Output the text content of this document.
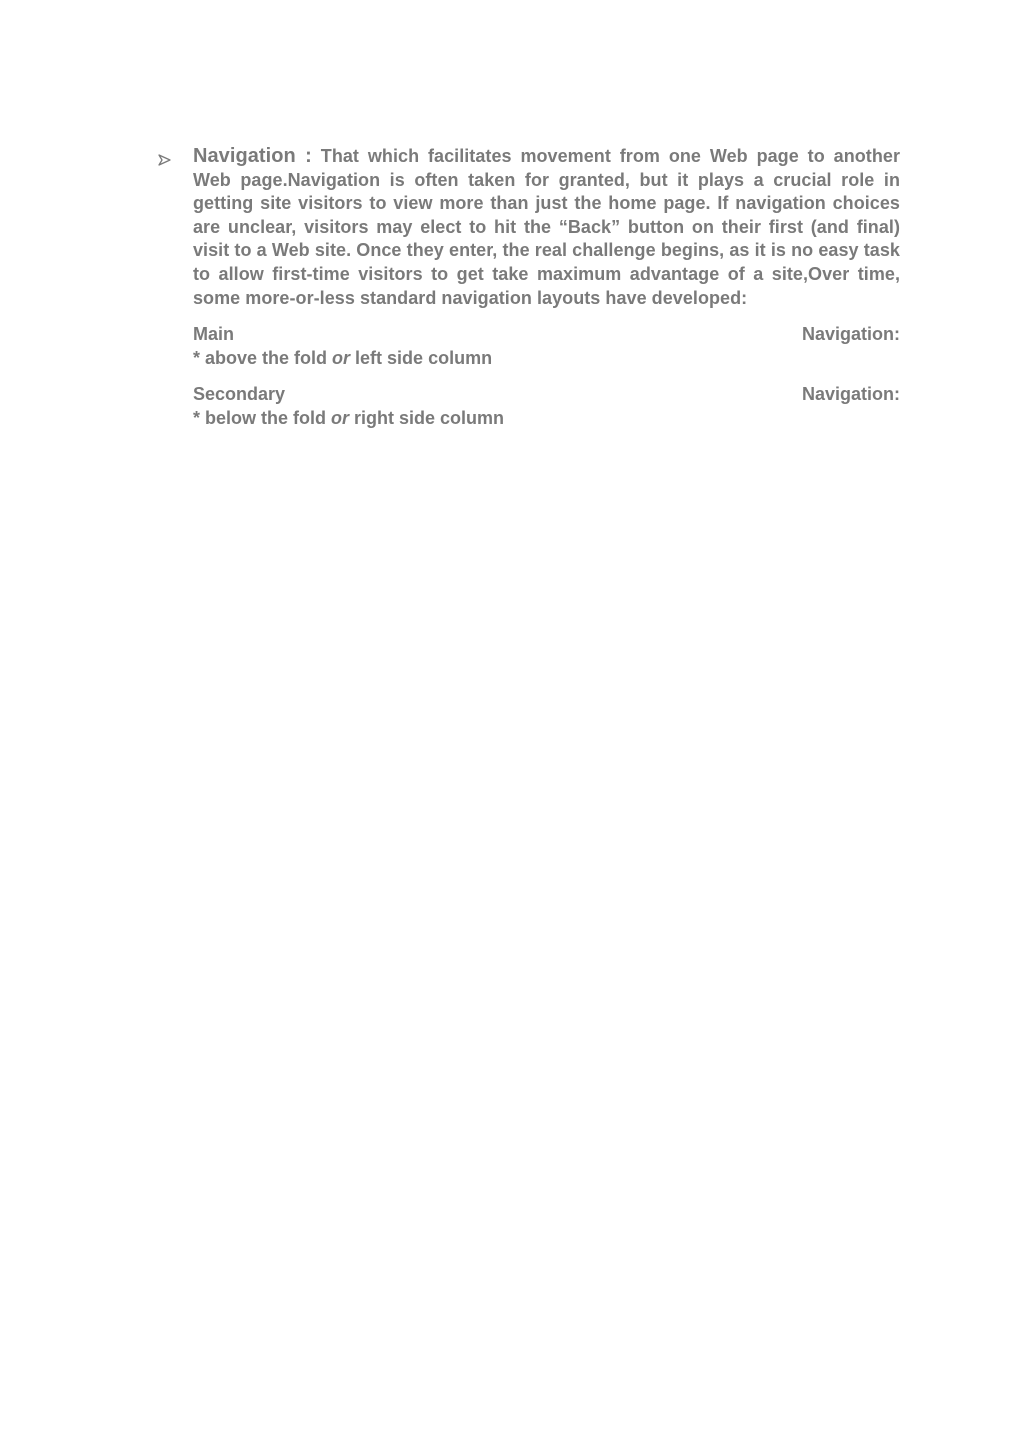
Navigation : That which facilitates movement from one Web page to another Web page.Navigation is often taken for granted, but it plays a crucial role in getting site visitors to view more than just the home page. If navigation choices are unclear, visitors may elect to hit the “Back” button on their first (and final) visit to a Web site. Once they enter, the real challenge begins, as it is no easy task to allow first-time visitors to get take maximum advantage of a site,Over time, some more-or-less standard navigation layouts have developed:

Main	Navigation:
* above the fold or left side column
Secondary	Navigation:
* below the fold or right side column
